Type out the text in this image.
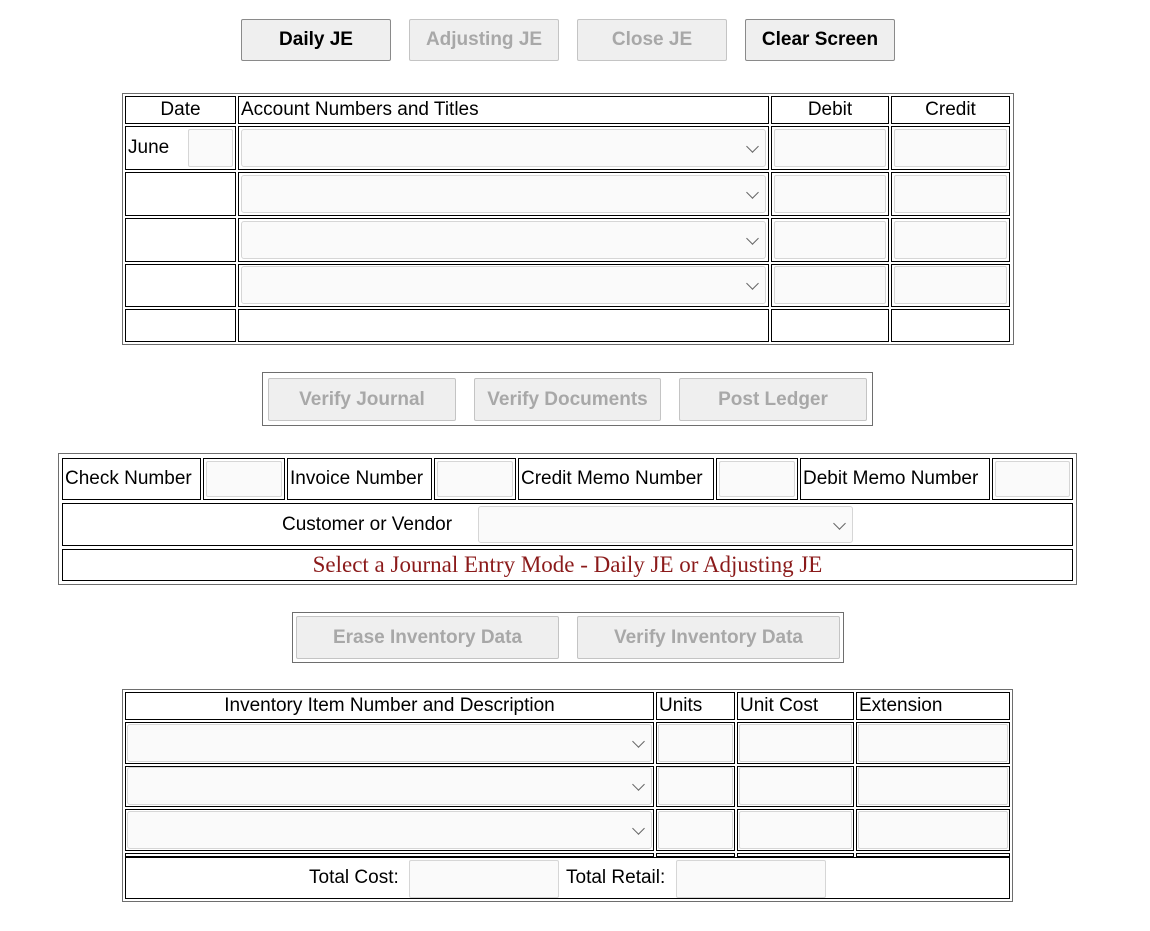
Daily JE	Adjusting JE	Close JE	Clear Screen
Date	Account Numbers and Titles	Debit	Credit
June
Verify Journal	Verify Documents	Post Ledger
Check Number	Invoice Number	Credit Memo Number	Debit Memo Number
Customer or Vendor
Select a Journal Entry Mode - Daily JE or Adjusting JE
Erase Inventory Data	Verify Inventory Data
Inventory Item Number and Description	Units	Unit Cost	Extension
Total Cost:	Total Retail:
